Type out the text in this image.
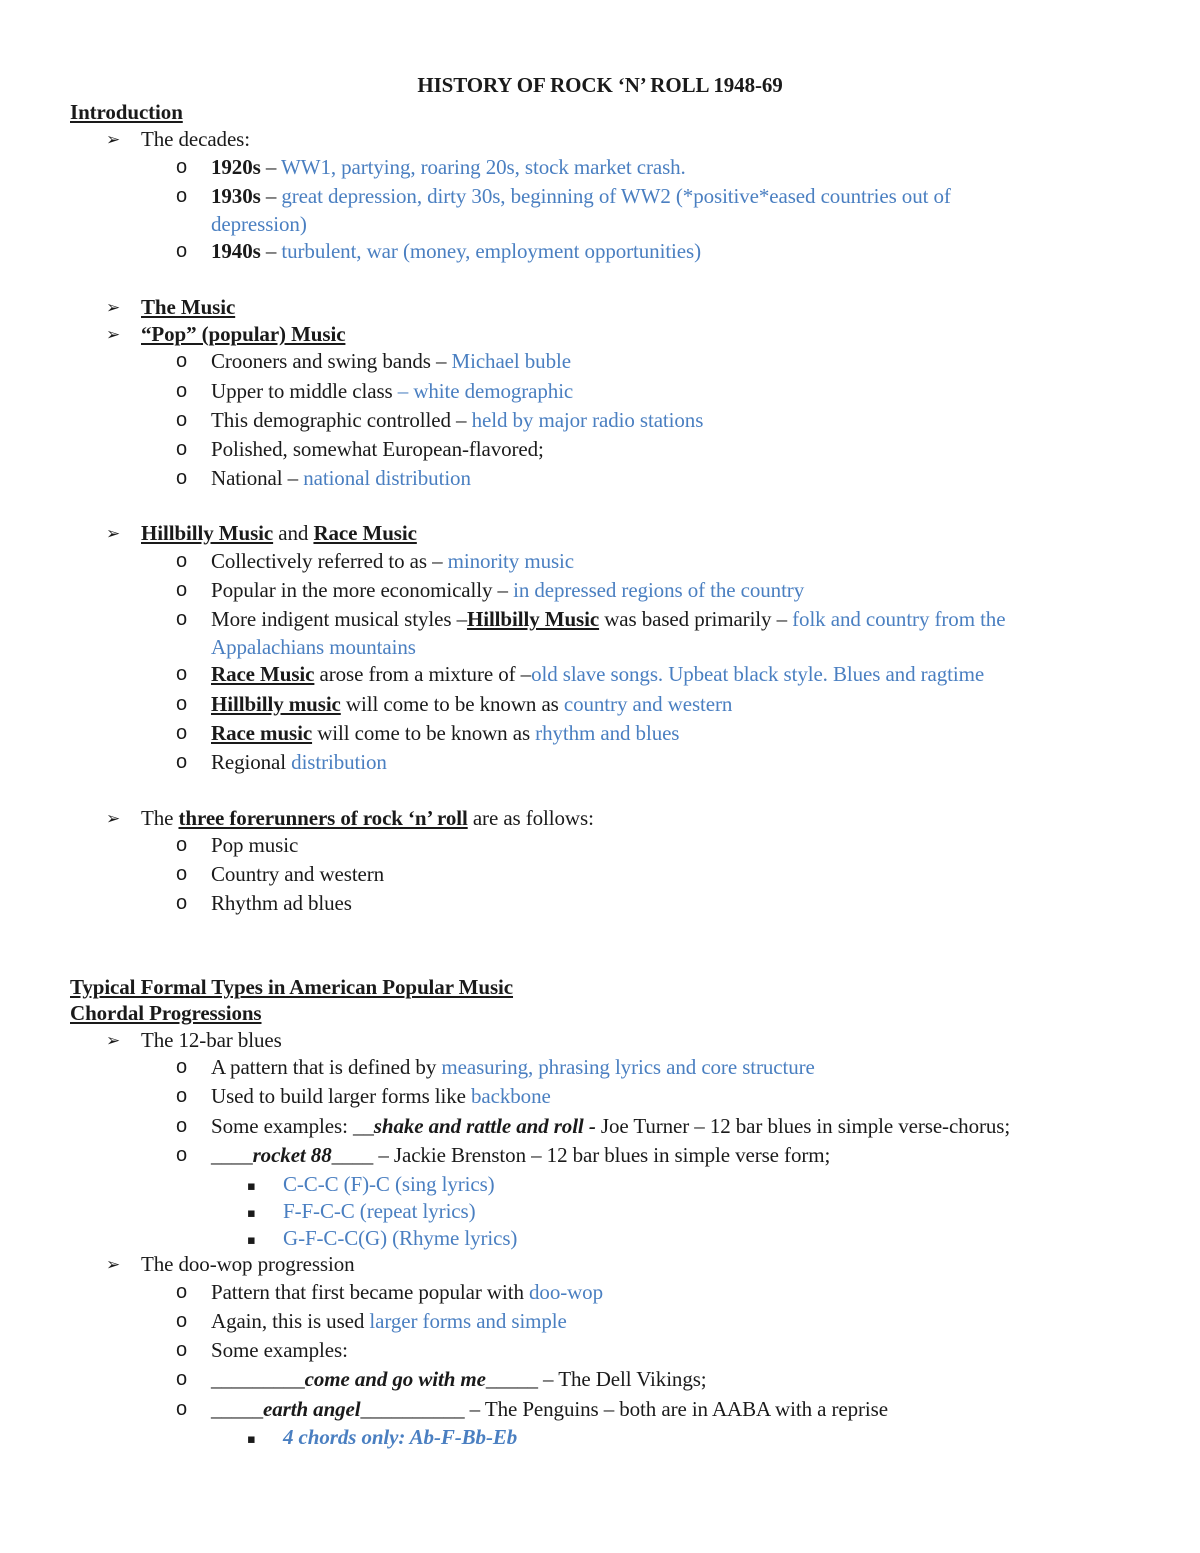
HISTORY OF ROCK ‘N’ ROLL 1948-69
Introduction
➢ The decades:
o 1920s – WW1, partying, roaring 20s, stock market crash.
o 1930s – great depression, dirty 30s, beginning of WW2 (*positive*eased countries out of
depression)
o 1940s – turbulent, war (money, employment opportunities)
➢ The Music
➢ “Pop” (popular) Music
o Crooners and swing bands – Michael buble
o Upper to middle class – white demographic
o This demographic controlled – held by major radio stations
o Polished, somewhat European-flavored;
o National – national distribution
➢ Hillbilly Music and Race Music
o Collectively referred to as – minority music
o Popular in the more economically – in depressed regions of the country
o More indigent musical styles –Hillbilly Music was based primarily – folk and country from the
Appalachians mountains
o Race Music arose from a mixture of –old slave songs. Upbeat black style. Blues and ragtime
o Hillbilly music will come to be known as country and western
o Race music will come to be known as rhythm and blues
o Regional distribution
➢ The three forerunners of rock ‘n’ roll are as follows:
o Pop music
o Country and western
o Rhythm ad blues
Typical Formal Types in American Popular Music
Chordal Progressions
➢ The 12-bar blues
o A pattern that is defined by measuring, phrasing lyrics and core structure
o Used to build larger forms like backbone
o Some examples: __shake and rattle and roll - Joe Turner – 12 bar blues in simple verse-chorus;
o ____rocket 88____ – Jackie Brenston – 12 bar blues in simple verse form;
▪ C-C-C (F)-C (sing lyrics)
▪ F-F-C-C (repeat lyrics)
▪ G-F-C-C(G) (Rhyme lyrics)
➢ The doo-wop progression
o Pattern that first became popular with doo-wop
o Again, this is used larger forms and simple
o Some examples:
o _________come and go with me_____ – The Dell Vikings;
o _____earth angel__________ – The Penguins – both are in AABA with a reprise
▪ 4 chords only: Ab-F-Bb-Eb
